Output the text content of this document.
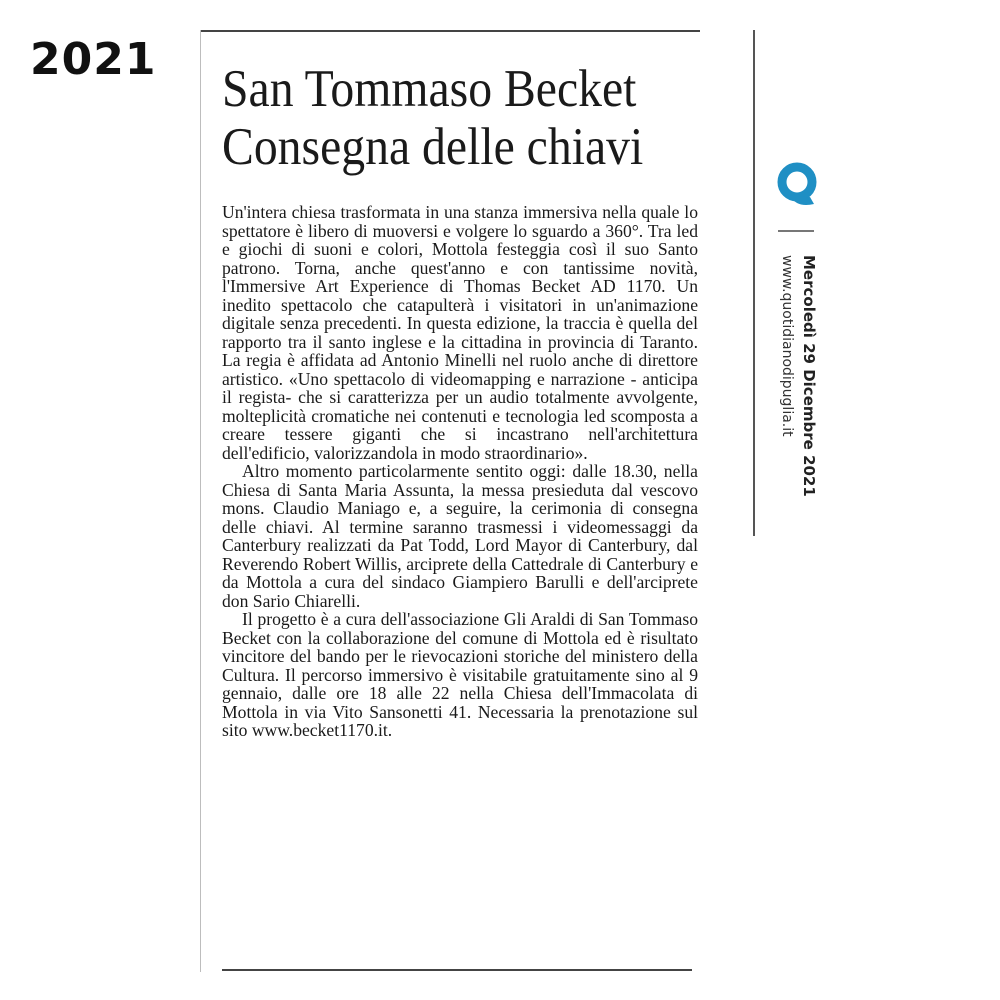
2021
San Tommaso Becket
Consegna delle chiavi

Un'intera chiesa trasformata in una stanza immersiva nella quale lo spettatore è libero di muoversi e volgere lo sguardo a 360°. Tra led e giochi di suoni e colori, Mottola festeggia così il suo Santo patrono. Torna, anche quest'anno e con tantissime novità, l'Immersive Art Experience di Thomas Becket AD 1170. Un inedito spettacolo che catapulterà i visitatori in un'animazione digitale senza precedenti. In questa edizione, la traccia è quella del rapporto tra il santo inglese e la cittadina in provincia di Taranto. La regia è affidata ad Antonio Minelli nel ruolo anche di direttore artistico. «Uno spettacolo di videomapping e narrazione - anticipa il regista- che si caratterizza per un audio totalmente avvolgente, molteplicità cromatiche nei contenuti e tecnologia led scomposta a creare tessere giganti che si incastrano nell'architettura dell'edificio, valorizzandola in modo straordinario».

Altro momento particolarmente sentito oggi: dalle 18.30, nella Chiesa di Santa Maria Assunta, la messa presieduta dal vescovo mons. Claudio Maniago e, a seguire, la cerimonia di consegna delle chiavi. Al termine saranno trasmessi i videomessaggi da Canterbury realizzati da Pat Todd, Lord Mayor di Canterbury, dal Reverendo Robert Willis, arciprete della Cattedrale di Canterbury e da Mottola a cura del sindaco Giampiero Barulli e dell'arciprete don Sario Chiarelli.

Il progetto è a cura dell'associazione Gli Araldi di San Tommaso Becket con la collaborazione del comune di Mottola ed è risultato vincitore del bando per le rievocazioni storiche del ministero della Cultura. Il percorso immersivo è visitabile gratuitamente sino al 9 gennaio, dalle ore 18 alle 22 nella Chiesa dell'Immacolata di Mottola in via Vito Sansonetti 41. Necessaria la prenotazione sul sito www.becket1170.it.

Mercoledì 29 Dicembre 2021
www.quotidianodipuglia.it
